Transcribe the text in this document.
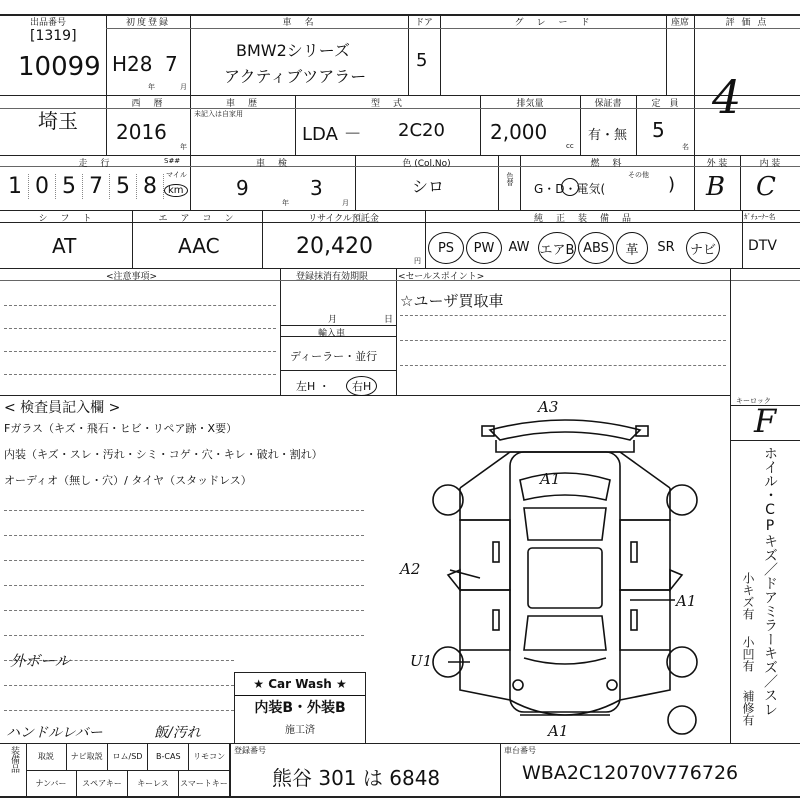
出品番号
[1319]
10099
初度登録
H28 7
年	月
車　名
BMW2シリーズ
アクティブツアラー
ドア
5
グ　レ　ー　ド	座席	評 価 点
4
埼玉
西　暦
2016
年
車　歴
未記入は自家用
型　式
LDA － 2C20
排気量
2,000
cc
保証書
有・無
定　員
5
名
走　行	S##
1 0 5 7 5 8	マイル
km
車　検
9
年
3
月
色 (Col.No)
シロ	色替
燃　料
G・D・電気(
その他 )
外 装
B
内 装
C
シ　フ　ト
AT
エ　ア　コ　ン
AAC
リサイクル預託金
20,420
円
純　正　装　備　品
PS	PW	AW エアB ABS	革	SR	ナビ
ｶﾞﾁｭｰﾅｰ名
DTV
<注意事項>	登録抹消有効期限
月	日
輸入車
ディーラー・並行
左H ・	右H
<セールスポイント>
☆ユーザ買取車
< 検査員記入欄 >
Fガラス（キズ・飛石・ヒビ・リペア跡・X要）
内装（キズ・スレ・汚れ・シミ・コゲ・穴・キレ・破れ・割れ）
オーディオ（無し・穴）/ タイヤ（スタッドレス）
外ボール
ハンドルレバー	飯/汚れ
★ Car Wash ★
内装B・外装B
施工済
A3
A1
A2
A1
U1
A1
キーロック
F
ホイル・CPキズ／ドアミラーキズ／スレ
小キズ有
小凹有
補修有
装備品	取説	ナビ取説	ロム/SD	B-CAS	リモコン
ナンバー	スペアキー	キーレス	スマートキー
登録番号
熊谷 301 は 6848
車台番号
WBA2C12070V776726
